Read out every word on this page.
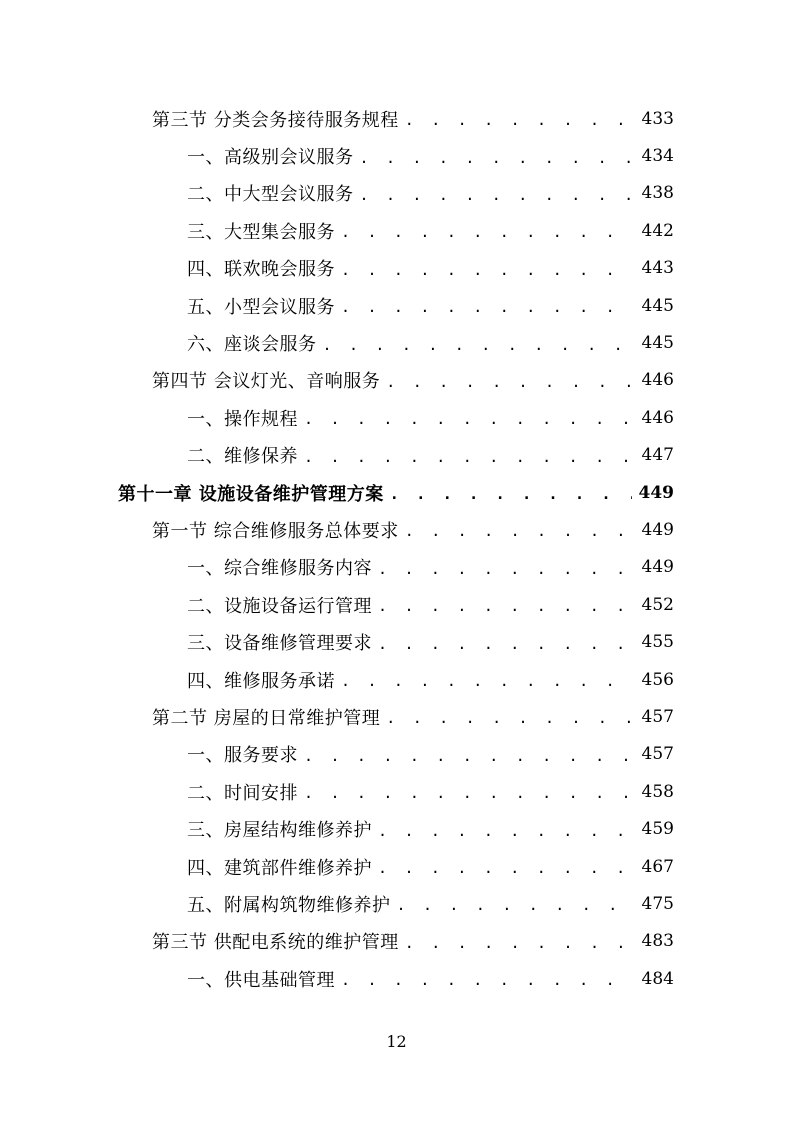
第三节 分类会务接待服务规程 . . .	433
一、高级别会议服务 . . .	434
二、中大型会议服务 . . .	438
三、大型集会服务 . . .	442
四、联欢晚会服务 . . .	443
五、小型会议服务 . . .	445
六、座谈会服务 . . .	445
第四节 会议灯光、音响服务 . . .	446
一、操作规程 . . .	446
二、维修保养 . . .	447
第十一章 设施设备维护管理方案 . . .	449
第一节 综合维修服务总体要求 . . .	449
一、综合维修服务内容 . . .	449
二、设施设备运行管理 . . .	452
三、设备维修管理要求 . . .	455
四、维修服务承诺 . . .	456
第二节 房屋的日常维护管理 . . .	457
一、服务要求 . . .	457
二、时间安排 . . .	458
三、房屋结构维修养护 . . .	459
四、建筑部件维修养护 . . .	467
五、附属构筑物维修养护 . . .	475
第三节 供配电系统的维护管理 . . .	483
一、供电基础管理 . . .	484
12
